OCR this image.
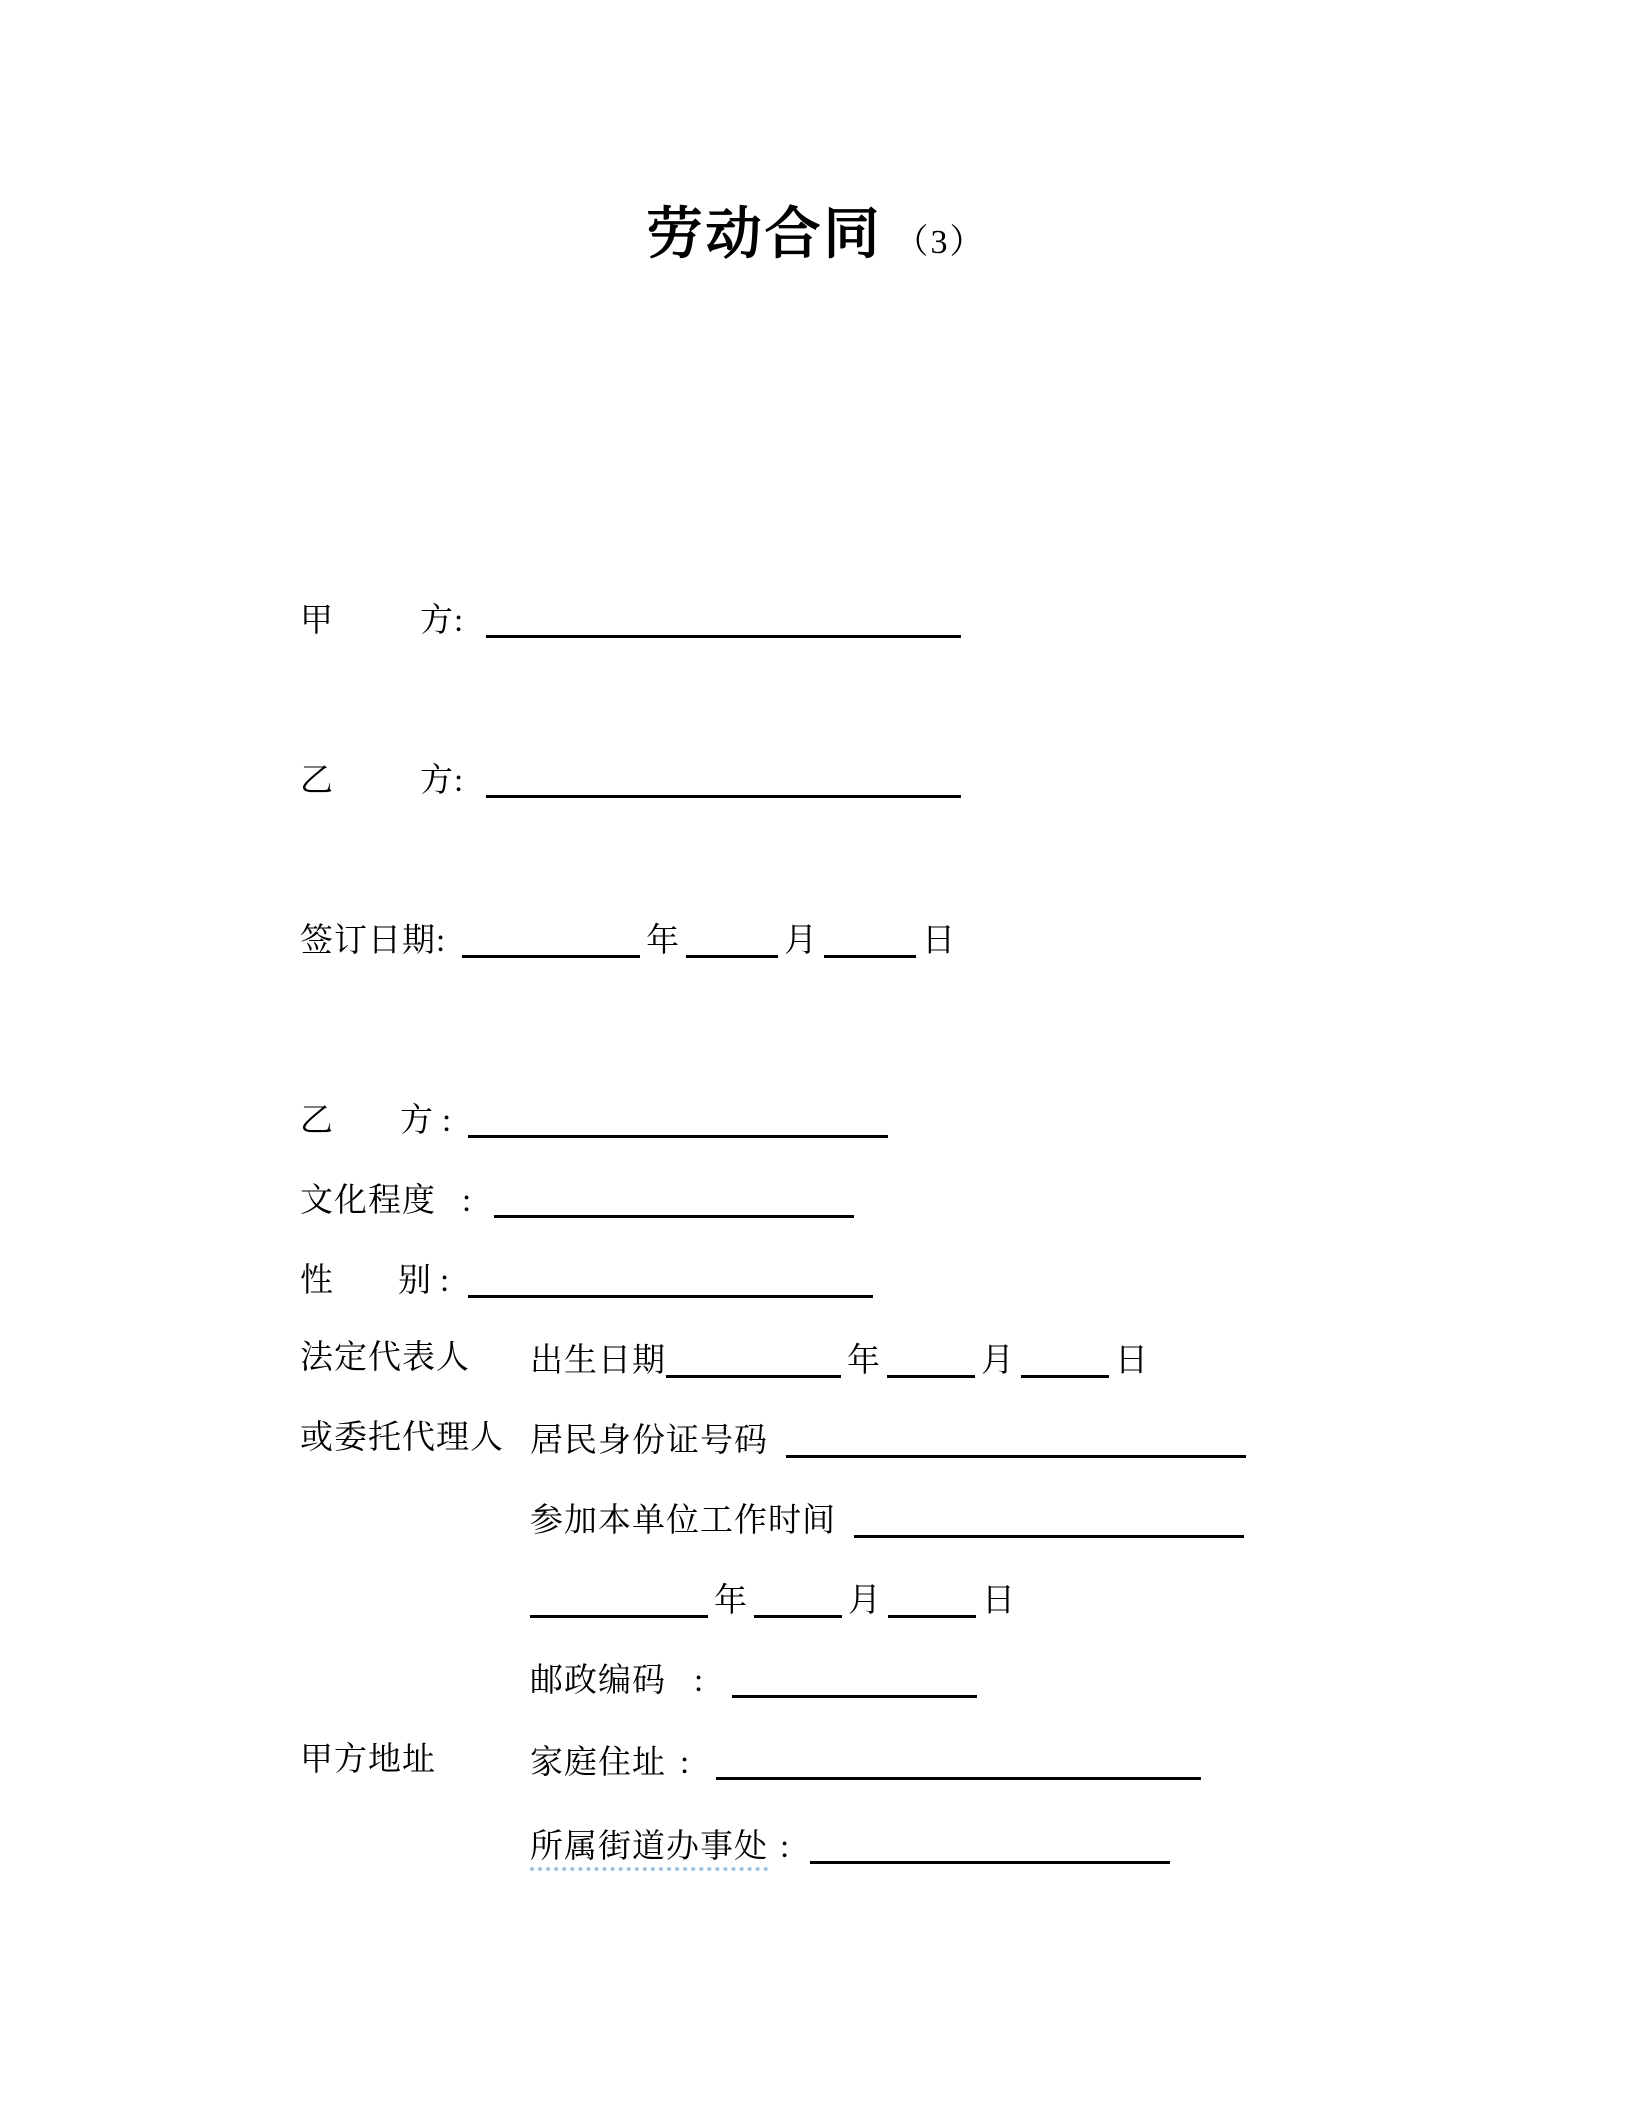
劳动合同 （3）
甲	方:
乙	方:
签订日期:	年	月	日
乙 方 :
文化程度 :
性 别 :
法定代表人 出生日期	年	月	日
或委托代理人 居民身份证号码
参加本单位工作时间
年	月	日
邮政编码 :
甲方地址	家庭住址 :
所属街道办事处 :
